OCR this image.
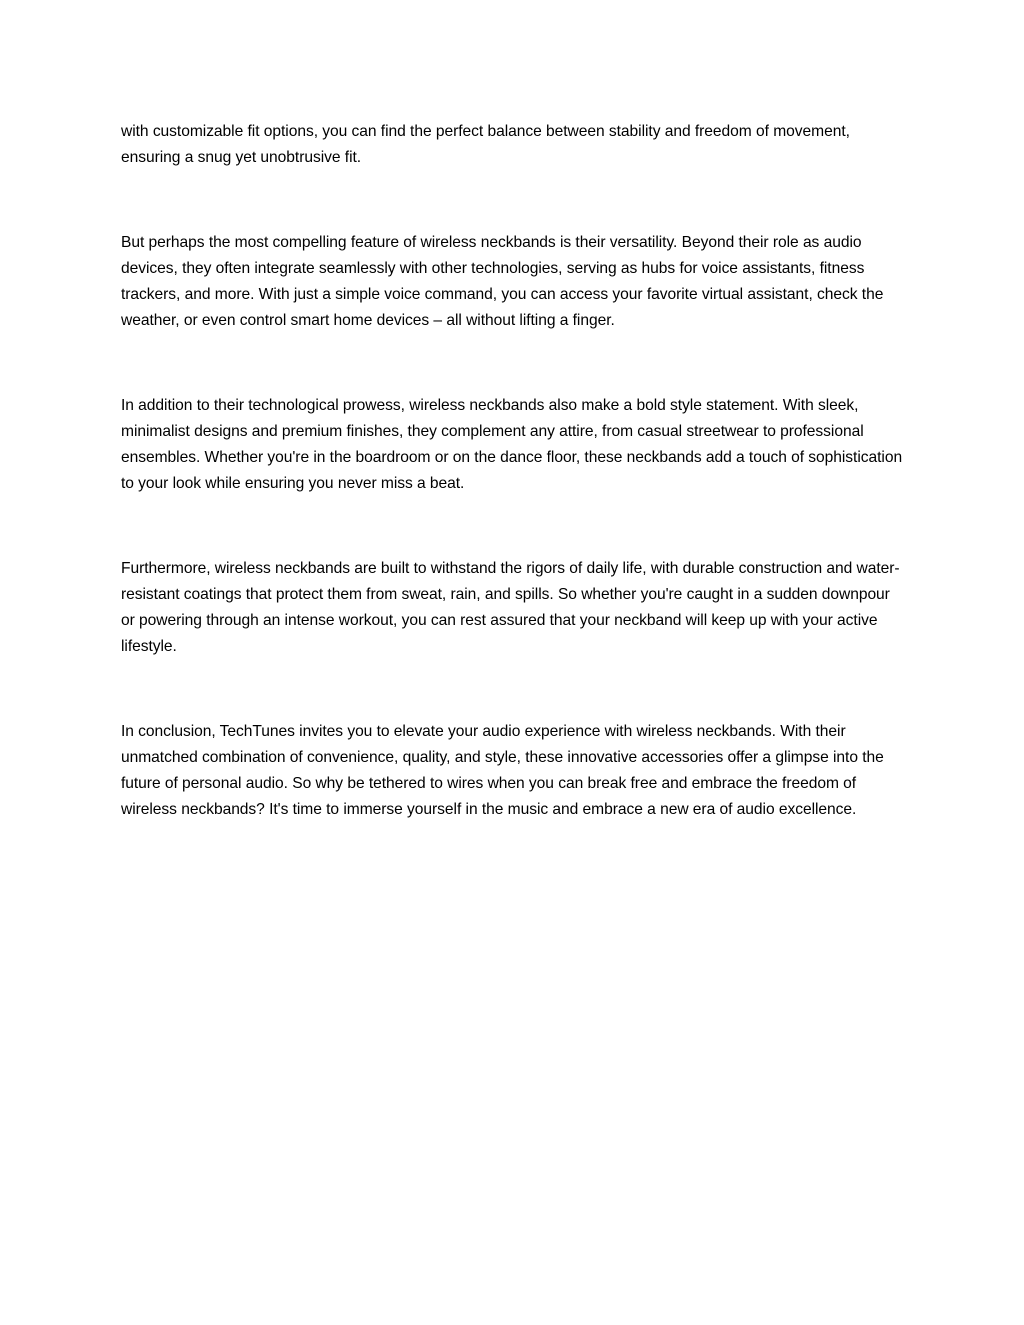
with customizable fit options, you can find the perfect balance between stability and freedom of movement, ensuring a snug yet unobtrusive fit.

But perhaps the most compelling feature of wireless neckbands is their versatility. Beyond their role as audio devices, they often integrate seamlessly with other technologies, serving as hubs for voice assistants, fitness trackers, and more. With just a simple voice command, you can access your favorite virtual assistant, check the weather, or even control smart home devices – all without lifting a finger.

In addition to their technological prowess, wireless neckbands also make a bold style statement. With sleek, minimalist designs and premium finishes, they complement any attire, from casual streetwear to professional ensembles. Whether you're in the boardroom or on the dance floor, these neckbands add a touch of sophistication to your look while ensuring you never miss a beat.

Furthermore, wireless neckbands are built to withstand the rigors of daily life, with durable construction and water-resistant coatings that protect them from sweat, rain, and spills. So whether you're caught in a sudden downpour or powering through an intense workout, you can rest assured that your neckband will keep up with your active lifestyle.

In conclusion, TechTunes invites you to elevate your audio experience with wireless neckbands. With their unmatched combination of convenience, quality, and style, these innovative accessories offer a glimpse into the future of personal audio. So why be tethered to wires when you can break free and embrace the freedom of wireless neckbands? It's time to immerse yourself in the music and embrace a new era of audio excellence.
